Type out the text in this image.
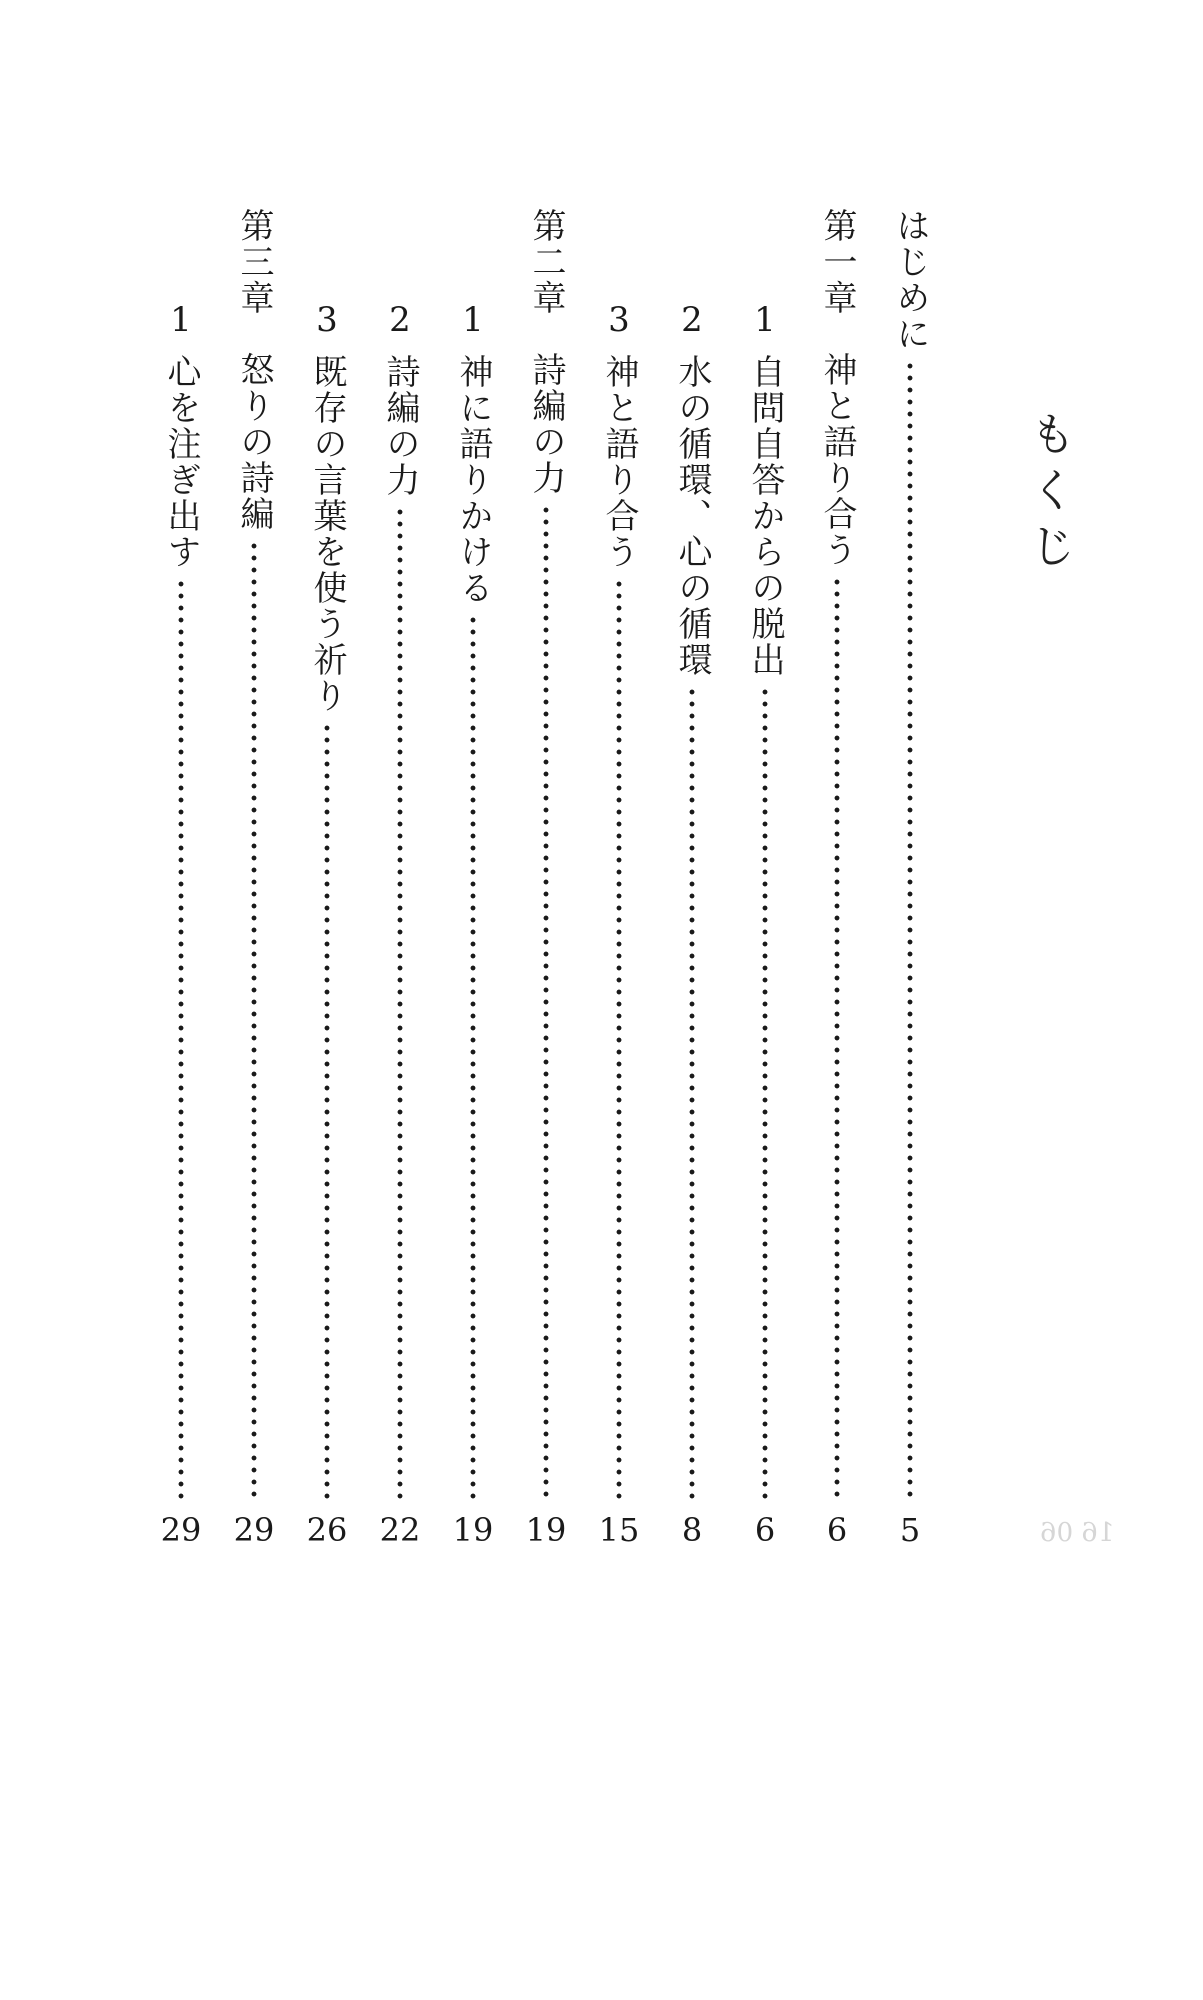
16 06
もくじ
はじめに
5
第一章　神と語り合う
6
1
自問自答からの脱出
6
2
水の循環、心の循環
8
3
神と語り合う
15
第二章　詩編の力
19
1
神に語りかける
19
2
詩編の力
22
3
既存の言葉を使う祈り
26
第三章　怒りの詩編
29
1
心を注ぎ出す
29
